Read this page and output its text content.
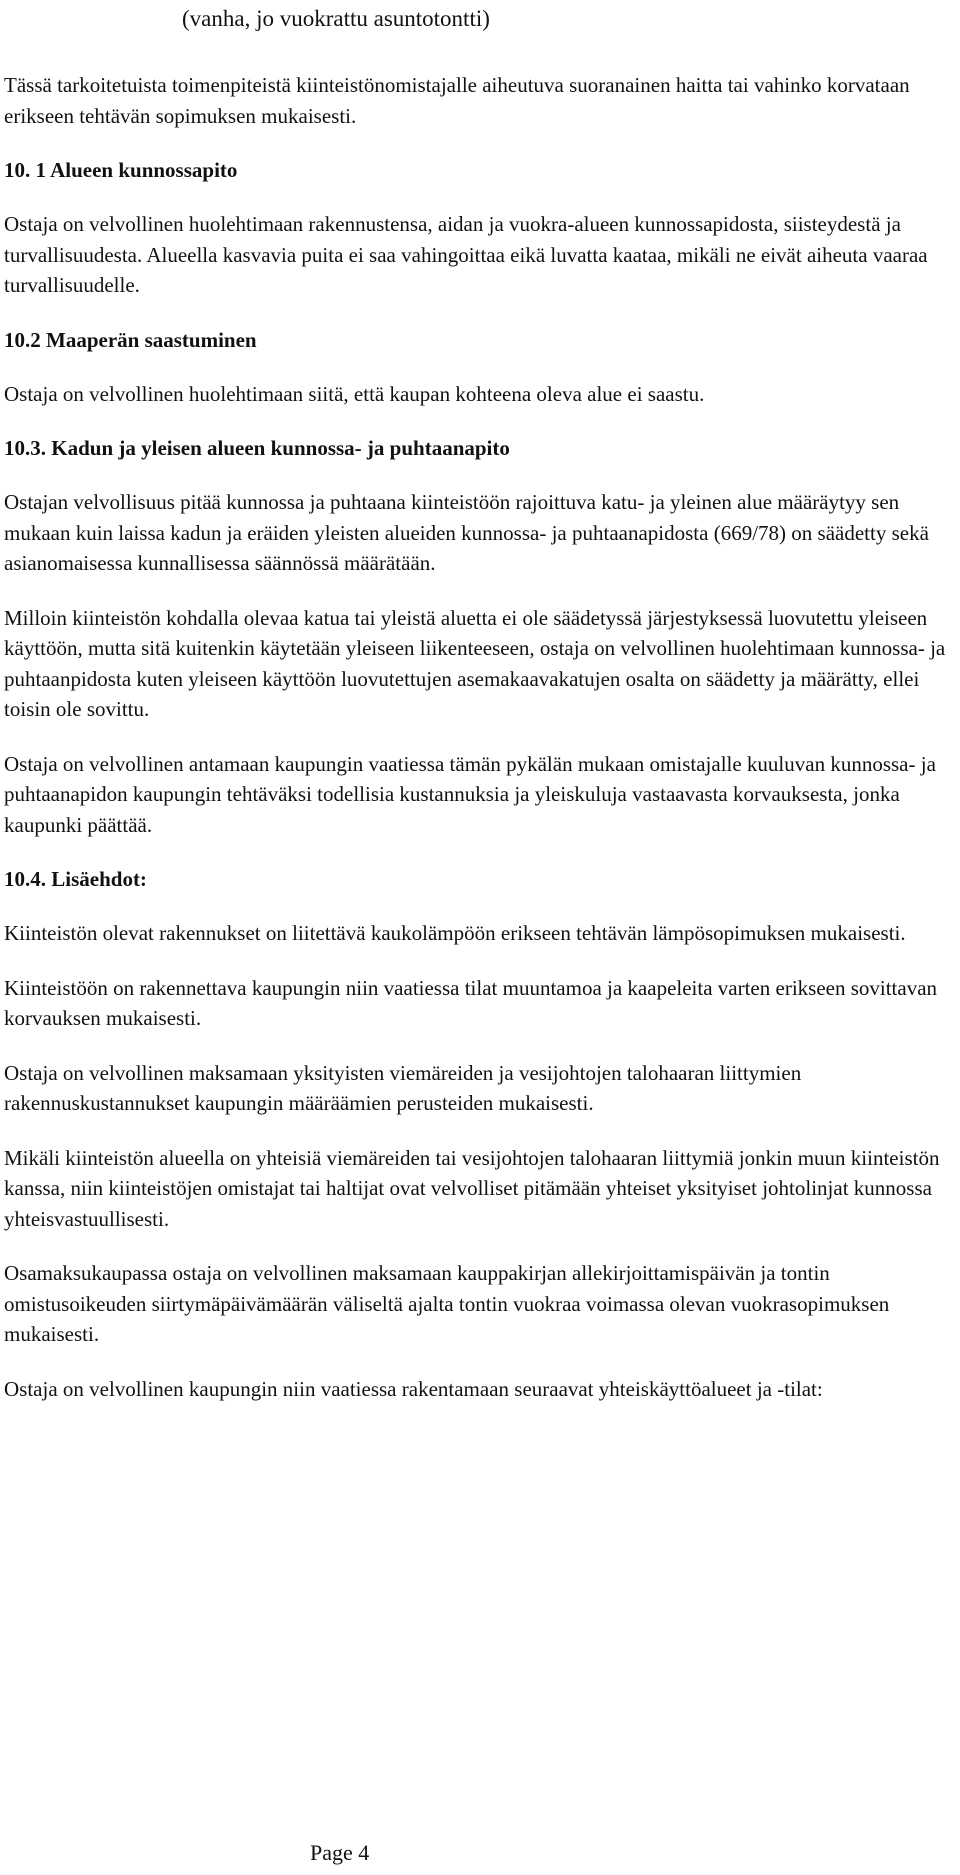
(vanha, jo vuokrattu asuntotontti)

Tässä tarkoitetuista toimenpiteistä kiinteistönomistajalle aiheutuva suoranainen haitta tai vahinko korvataan erikseen tehtävän sopimuksen mukaisesti.

10. 1 Alueen kunnossapito

Ostaja on velvollinen huolehtimaan rakennustensa, aidan ja vuokra-alueen kunnossapidosta, siisteydestä ja turvallisuudesta. Alueella kasvavia puita ei saa vahingoittaa eikä luvatta kaataa, mikäli ne eivät aiheuta vaaraa turvallisuudelle.

10.2 Maaperän saastuminen

Ostaja on velvollinen huolehtimaan siitä, että kaupan kohteena oleva alue ei saastu.

10.3. Kadun ja yleisen alueen kunnossa- ja puhtaanapito

Ostajan velvollisuus pitää kunnossa ja puhtaana kiinteistöön rajoittuva katu- ja yleinen alue määräytyy sen mukaan kuin laissa kadun ja eräiden yleisten alueiden kunnossa- ja puhtaanapidosta (669/78) on säädetty sekä asianomaisessa kunnallisessa säännössä määrätään.

Milloin kiinteistön kohdalla olevaa katua tai yleistä aluetta ei ole säädetyssä järjestyksessä luovutettu yleiseen käyttöön, mutta sitä kuitenkin käytetään yleiseen liikenteeseen, ostaja on velvollinen huolehtimaan kunnossa- ja puhtaanpidosta kuten yleiseen käyttöön luovutettujen asemakaavakatujen osalta on säädetty ja määrätty, ellei toisin ole sovittu.

Ostaja on velvollinen antamaan kaupungin vaatiessa tämän pykälän mukaan omistajalle kuuluvan kunnossa- ja puhtaanapidon kaupungin tehtäväksi todellisia kustannuksia ja yleiskuluja vastaavasta korvauksesta, jonka kaupunki päättää.

10.4. Lisäehdot:

Kiinteistön olevat rakennukset on liitettävä kaukolämpöön erikseen tehtävän lämpösopimuksen mukaisesti.

Kiinteistöön on rakennettava kaupungin niin vaatiessa tilat muuntamoa ja kaapeleita varten erikseen sovittavan korvauksen mukaisesti.

Ostaja on velvollinen maksamaan yksityisten viemäreiden ja vesijohtojen talohaaran liittymien rakennuskustannukset kaupungin määräämien perusteiden mukaisesti.

Mikäli kiinteistön alueella on yhteisiä viemäreiden tai vesijohtojen talohaaran liittymiä jonkin muun kiinteistön kanssa, niin kiinteistöjen omistajat tai haltijat ovat velvolliset pitämään yhteiset yksityiset johtolinjat kunnossa yhteisvastuullisesti.

Osamaksukaupassa ostaja on velvollinen maksamaan kauppakirjan allekirjoittamispäivän ja tontin omistusoikeuden siirtymäpäivämäärän väliseltä ajalta tontin vuokraa voimassa olevan vuokrasopimuksen mukaisesti.

Ostaja on velvollinen kaupungin niin vaatiessa rakentamaan seuraavat yhteiskäyttöalueet ja -tilat:

Page 4
